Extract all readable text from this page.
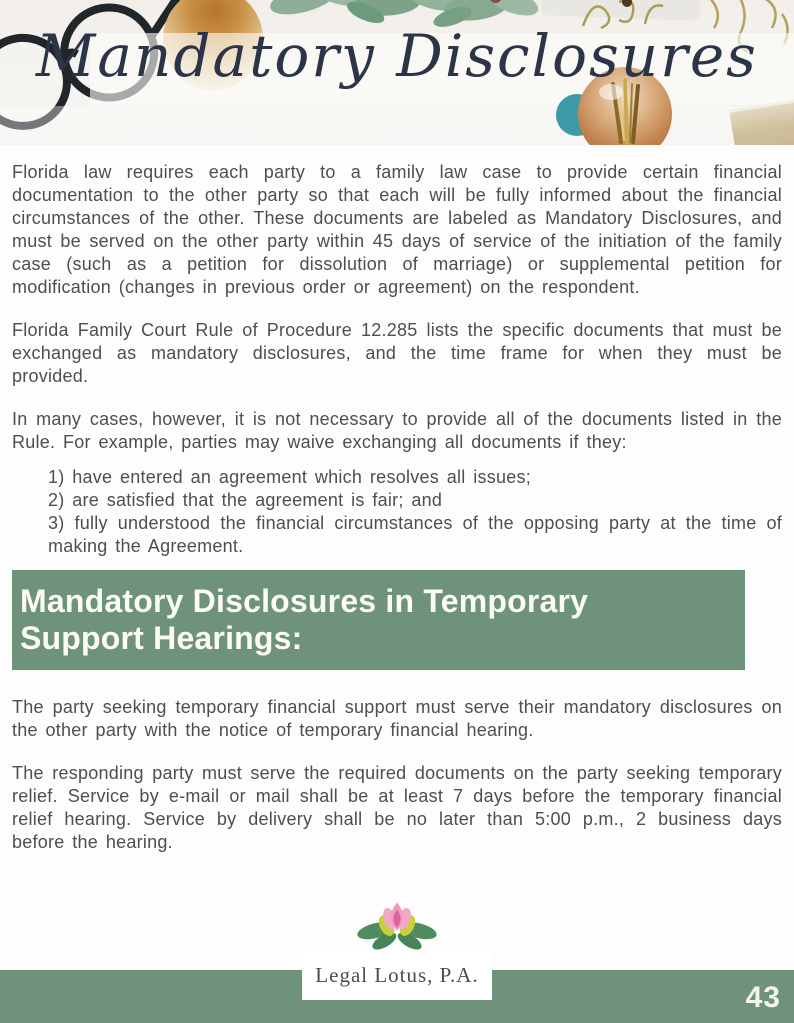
Mandatory Disclosures

Florida law requires each party to a family law case to provide certain financial documentation to the other party so that each will be fully informed about the financial circumstances of the other. These documents are labeled as Mandatory Disclosures, and must be served on the other party within 45 days of service of the initiation of the family case (such as a petition for dissolution of marriage) or supplemental petition for modification (changes in previous order or agreement) on the respondent.

Florida Family Court Rule of Procedure 12.285 lists the specific documents that must be exchanged as mandatory disclosures, and the time frame for when they must be provided.

In many cases, however, it is not necessary to provide all of the documents listed in the Rule. For example, parties may waive exchanging all documents if they:

1) have entered an agreement which resolves all issues;
2) are satisfied that the agreement is fair; and
3) fully understood the financial circumstances of the opposing party at the time of making the Agreement.
Mandatory Disclosures in Temporary Support Hearings:

The party seeking temporary financial support must serve their mandatory disclosures on the other party with the notice of temporary financial hearing.

The responding party must serve the required documents on the party seeking temporary relief. Service by e-mail or mail shall be at least 7 days before the temporary financial relief hearing. Service by delivery shall be no later than 5:00 p.m., 2 business days before the hearing.

Legal Lotus, P.A.
43
